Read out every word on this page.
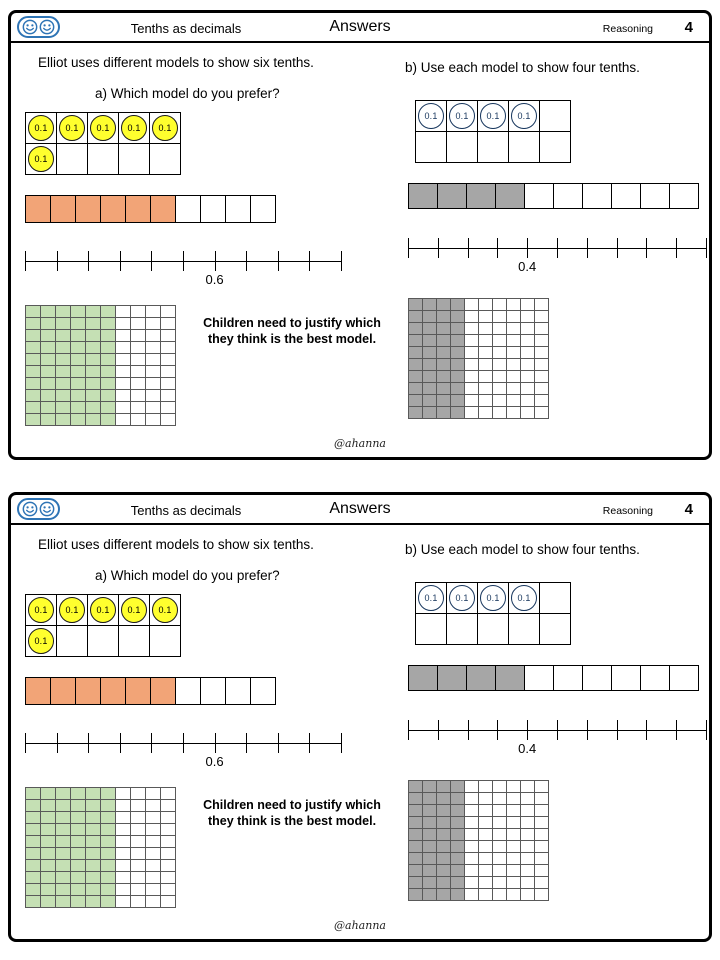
Tenths as decimals	Answers	Reasoning 4
Elliot uses different models to show six tenths.
a) Which model do you prefer?
0.1	0.1	0.1	0.1	0.1
0.1
0.6
Children need to justify which they think is the best model.
b) Use each model to show four tenths.
0.1	0.1	0.1	0.1
0.4
@ahanna
Tenths as decimals	Answers	Reasoning 4
Elliot uses different models to show six tenths.
a) Which model do you prefer?
0.1	0.1	0.1	0.1	0.1
0.1
0.6
Children need to justify which they think is the best model.
b) Use each model to show four tenths.
0.1	0.1	0.1	0.1
0.4
@ahanna
